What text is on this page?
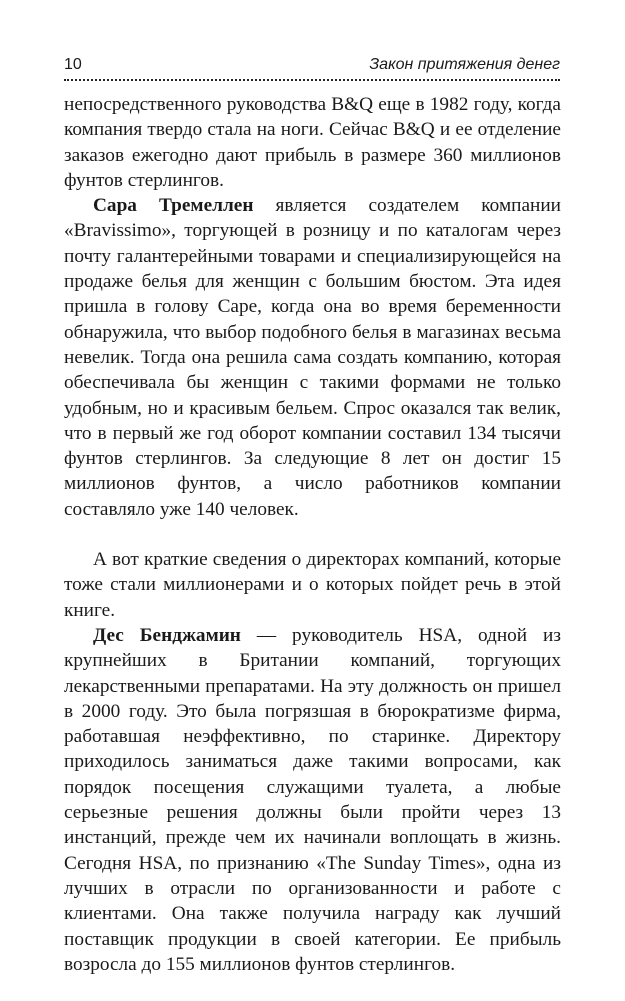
10	Закон притяжения денег

непосредственного руководства B&Q еще в 1982 году, когда компания твердо стала на ноги. Сейчас B&Q и ее отделение заказов ежегодно дают прибыль в размере 360 миллионов фунтов стерлингов.

Сара Тремеллен является создателем компании «Bravissimo», торгующей в розницу и по каталогам через почту галантерейными товарами и специализирующейся на продаже белья для женщин с большим бюстом. Эта идея пришла в голову Саре, когда она во время беременности обнаружила, что выбор подобного белья в магазинах весьма невелик. Тогда она решила сама создать компанию, которая обеспечивала бы женщин с такими формами не только удобным, но и красивым бельем. Спрос оказался так велик, что в первый же год оборот компании составил 134 тысячи фунтов стерлингов. За следующие 8 лет он достиг 15 миллионов фунтов, а число работников компании составляло уже 140 человек.

А вот краткие сведения о директорах компаний, которые тоже стали миллионерами и о которых пойдет речь в этой книге.

Дес Бенджамин — руководитель HSA, одной из крупнейших в Британии компаний, торгующих лекарственными препаратами. На эту должность он пришел в 2000 году. Это была погрязшая в бюрократизме фирма, работавшая неэффективно, по старинке. Директору приходилось заниматься даже такими вопросами, как порядок посещения служащими туалета, а любые серьезные решения должны были пройти через 13 инстанций, прежде чем их начинали воплощать в жизнь. Сегодня HSA, по признанию «The Sunday Times», одна из лучших в отрасли по организованности и работе с клиентами. Она также получила награду как лучший поставщик продукции в своей категории. Ее прибыль возросла до 155 миллионов фунтов стерлингов.
